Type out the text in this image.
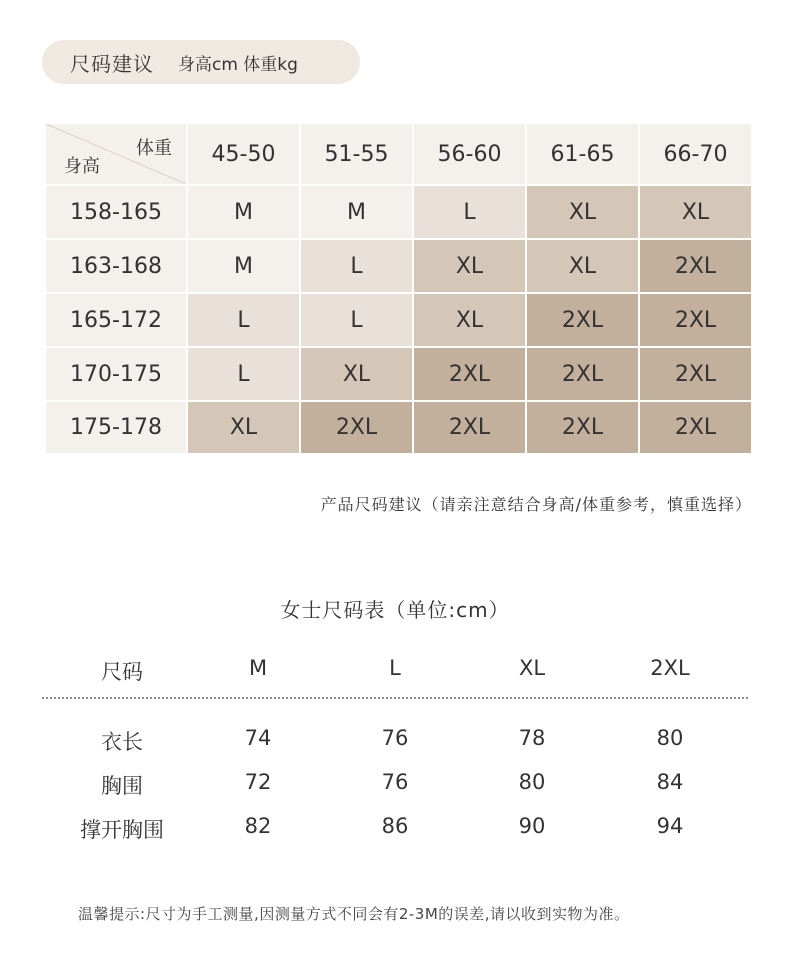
尺码建议 身高cm 体重kg
体重
身高	45-50	51-55	56-60	61-65	66-70
158-165	M	M	L	XL	XL
163-168	M	L	XL	XL	2XL
165-172	L	L	XL	2XL	2XL
170-175	L	XL	2XL	2XL	2XL
175-178	XL	2XL	2XL	2XL	2XL
产品尺码建议（请亲注意结合身高/体重参考，慎重选择）
女士尺码表（单位:cm）
尺码	M	L	XL	2XL
衣长	74	76	78	80
胸围	72	76	80	84
撑开胸围	82	86	90	94
温馨提示:尺寸为手工测量,因测量方式不同会有2-3M的误差,请以收到实物为准。
